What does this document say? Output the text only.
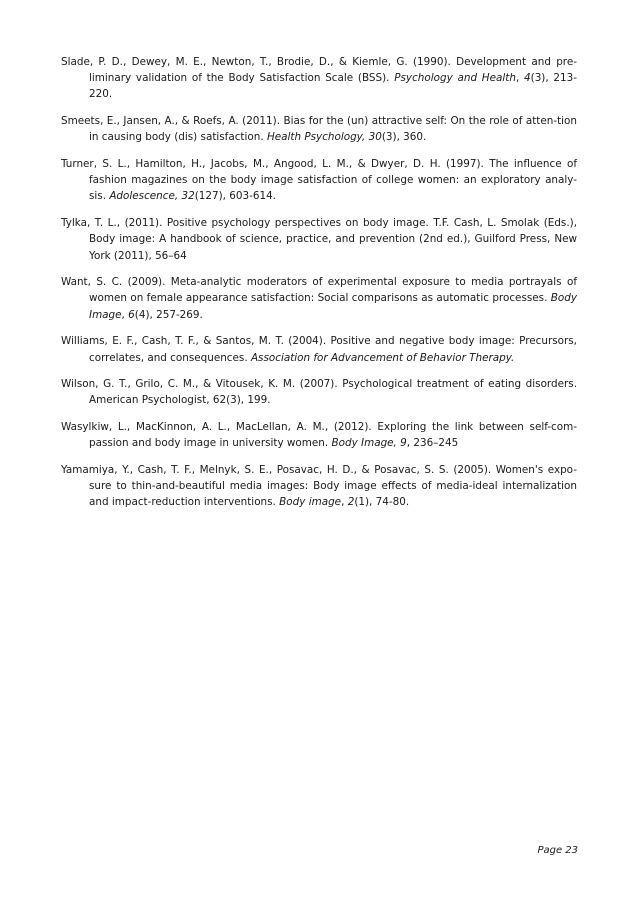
Slade, P. D., Dewey, M. E., Newton, T., Brodie, D., & Kiemle, G. (1990). Development and pre-liminary validation of the Body Satisfaction Scale (BSS). Psychology and Health, 4(3), 213-220.

Smeets, E., Jansen, A., & Roefs, A. (2011). Bias for the (un) attractive self: On the role of atten-tion in causing body (dis) satisfaction. Health Psychology, 30(3), 360.

Turner, S. L., Hamilton, H., Jacobs, M., Angood, L. M., & Dwyer, D. H. (1997). The influence of fashion magazines on the body image satisfaction of college women: an exploratory analy-sis. Adolescence, 32(127), 603-614.

Tylka, T. L., (2011). Positive psychology perspectives on body image. T.F. Cash, L. Smolak (Eds.), Body image: A handbook of science, practice, and prevention (2nd ed.), Guilford Press, New York (2011), 56–64

Want, S. C. (2009). Meta-analytic moderators of experimental exposure to media portrayals of women on female appearance satisfaction: Social comparisons as automatic processes. Body Image, 6(4), 257-269.

Williams, E. F., Cash, T. F., & Santos, M. T. (2004). Positive and negative body image: Precursors, correlates, and consequences. Association for Advancement of Behavior Therapy.

Wilson, G. T., Grilo, C. M., & Vitousek, K. M. (2007). Psychological treatment of eating disorders. American Psychologist, 62(3), 199.

Wasylkiw, L., MacKinnon, A. L., MacLellan, A. M., (2012). Exploring the link between self-com-passion and body image in university women. Body Image, 9, 236–245

Yamamiya, Y., Cash, T. F., Melnyk, S. E., Posavac, H. D., & Posavac, S. S. (2005). Women's expo-sure to thin-and-beautiful media images: Body image effects of media-ideal internalization and impact-reduction interventions. Body image, 2(1), 74-80.

Page 23
